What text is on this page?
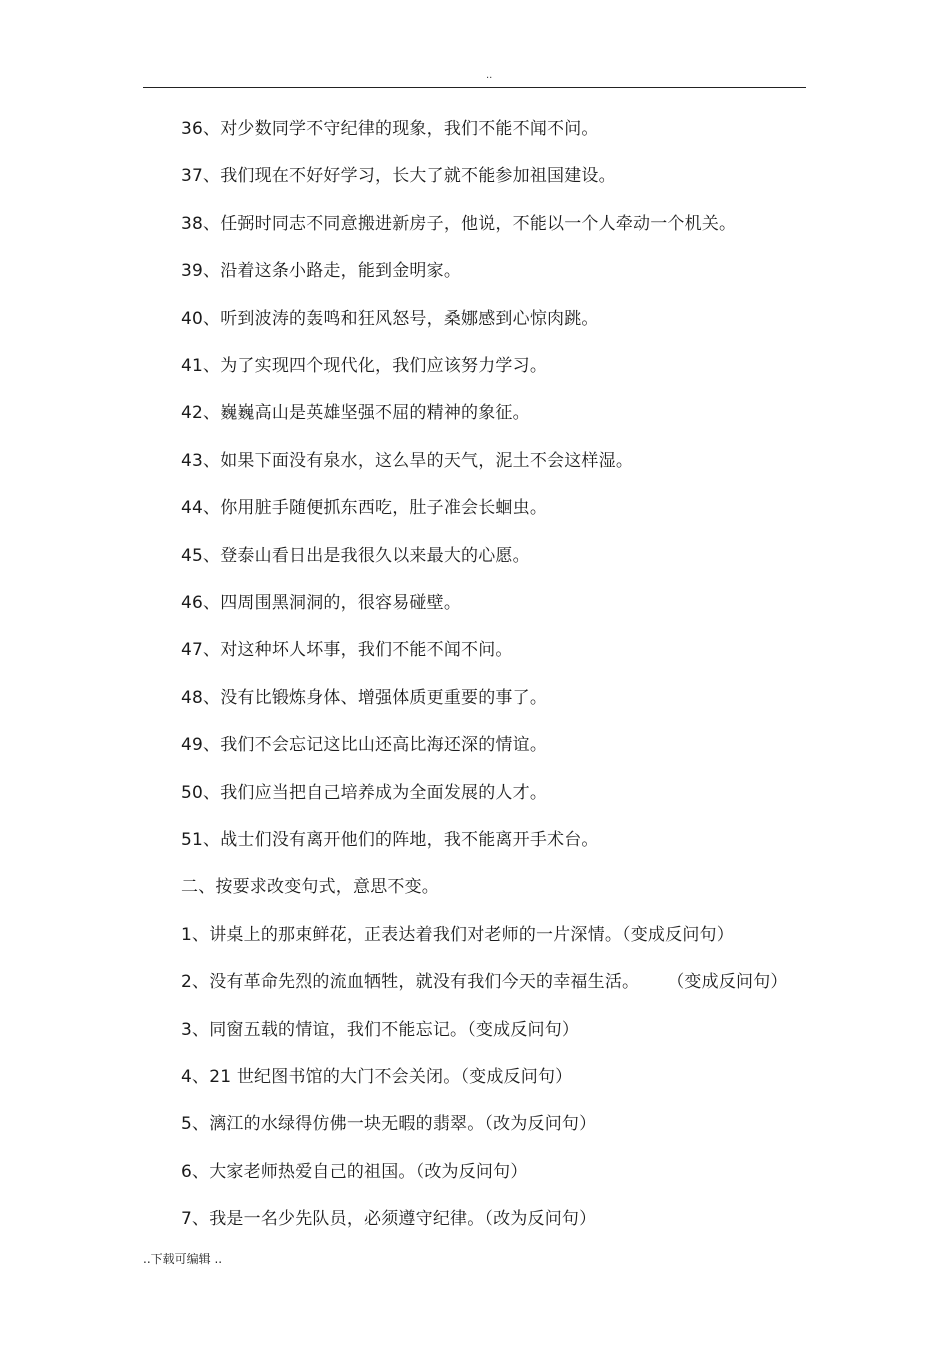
..
36、对少数同学不守纪律的现象，我们不能不闻不问。
37、我们现在不好好学习，长大了就不能参加祖国建设。
38、任弼时同志不同意搬进新房子，他说，不能以一个人牵动一个机关。
39、沿着这条小路走，能到金明家。
40、听到波涛的轰鸣和狂风怒号，桑娜感到心惊肉跳。
41、为了实现四个现代化，我们应该努力学习。
42、巍巍高山是英雄坚强不屈的精神的象征。
43、如果下面没有泉水，这么旱的天气，泥土不会这样湿。
44、你用脏手随便抓东西吃，肚子准会长蛔虫。
45、登泰山看日出是我很久以来最大的心愿。
46、四周围黑洞洞的，很容易碰壁。
47、对这种坏人坏事，我们不能不闻不问。
48、没有比锻炼身体、增强体质更重要的事了。
49、我们不会忘记这比山还高比海还深的情谊。
50、我们应当把自己培养成为全面发展的人才。
51、战士们没有离开他们的阵地，我不能离开手术台。
二、按要求改变句式，意思不变。
1、讲桌上的那束鲜花，正表达着我们对老师的一片深情。（变成反问句）
2、没有革命先烈的流血牺牲，就没有我们今天的幸福生活。     （变成反问句）
3、同窗五载的情谊，我们不能忘记。（变成反问句）
4、21 世纪图书馆的大门不会关闭。（变成反问句）
5、漓江的水绿得仿佛一块无暇的翡翠。（改为反问句）
6、大家老师热爱自己的祖国。（改为反问句）
7、我是一名少先队员，必须遵守纪律。（改为反问句）
..下载可编辑 ..
